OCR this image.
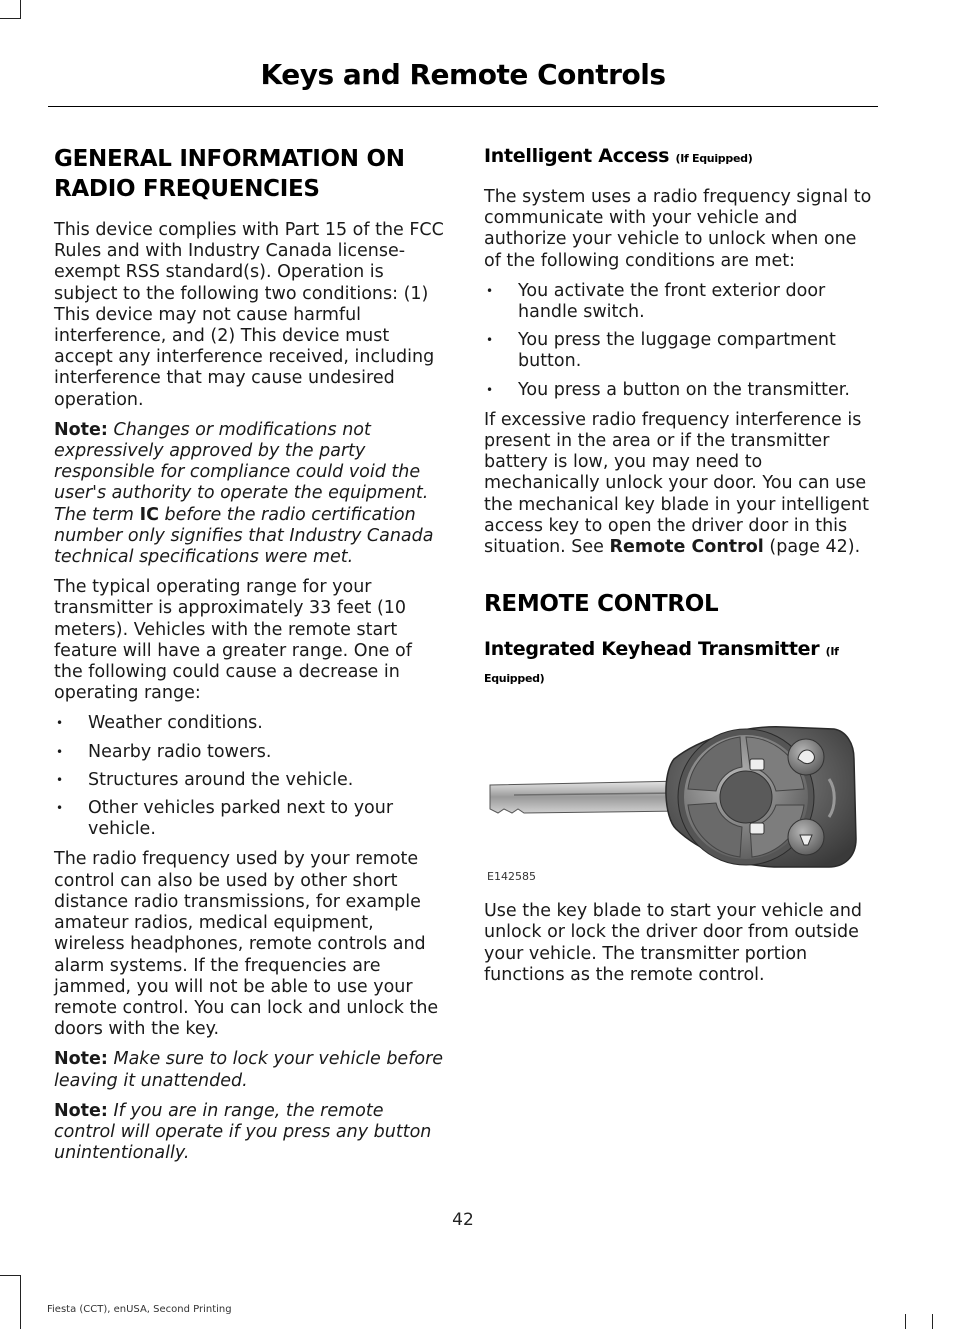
Keys and Remote Controls
GENERAL INFORMATION ON RADIO FREQUENCIES

This device complies with Part 15 of the FCC Rules and with Industry Canada license-exempt RSS standard(s). Operation is subject to the following two conditions: (1) This device may not cause harmful interference, and (2) This device must accept any interference received, including interference that may cause undesired operation.

Note: Changes or modifications not expressively approved by the party responsible for compliance could void the user's authority to operate the equipment. The term IC before the radio certification number only signifies that Industry Canada technical specifications were met.

The typical operating range for your transmitter is approximately 33 feet (10 meters). Vehicles with the remote start feature will have a greater range. One of the following could cause a decrease in operating range:

• Weather conditions.
• Nearby radio towers.
• Structures around the vehicle.
• Other vehicles parked next to your vehicle.

The radio frequency used by your remote control can also be used by other short distance radio transmissions, for example amateur radios, medical equipment, wireless headphones, remote controls and alarm systems. If the frequencies are jammed, you will not be able to use your remote control. You can lock and unlock the doors with the key.

Note: Make sure to lock your vehicle before leaving it unattended.

Note: If you are in range, the remote control will operate if you press any button unintentionally.

Intelligent Access (If Equipped)

The system uses a radio frequency signal to communicate with your vehicle and authorize your vehicle to unlock when one of the following conditions are met:

• You activate the front exterior door handle switch.
• You press the luggage compartment button.
• You press a button on the transmitter.

If excessive radio frequency interference is present in the area or if the transmitter battery is low, you may need to mechanically unlock your door. You can use the mechanical key blade in your intelligent access key to open the driver door in this situation. See Remote Control (page 42).

REMOTE CONTROL
Integrated Keyhead Transmitter (If Equipped)
E142585

Use the key blade to start your vehicle and unlock or lock the driver door from outside your vehicle. The transmitter portion functions as the remote control.

42
Fiesta (CCT), enUSA, Second Printing
